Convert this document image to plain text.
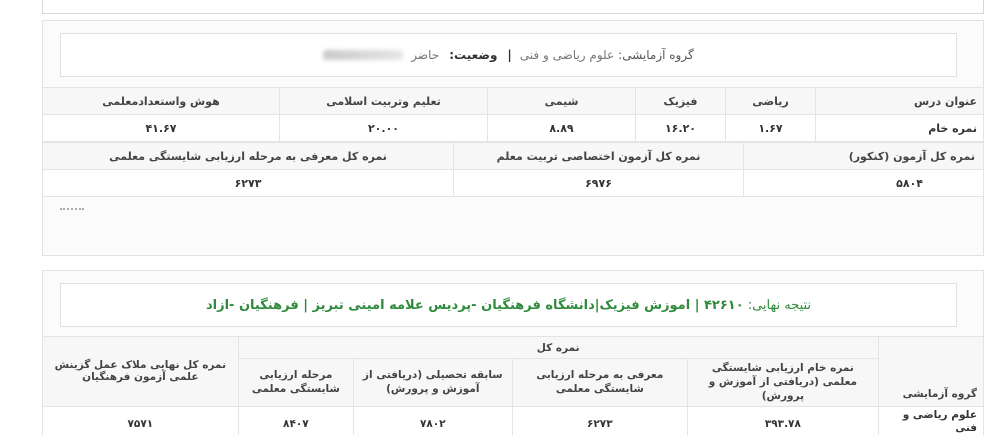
گروه آزمایشی:
علوم ریاضی و فنی
|
وضعیت:
حاضر
عنوان درس	ریاضی	فیزیک	شیمی	تعلیم وتربیت اسلامی	هوش واستعدادمعلمی
نمره خام	۱.۶۷	۱۶.۲۰	۸.۸۹	۲۰.۰۰	۴۱.۶۷
نمره کل آزمون (کنکور)	نمره کل آزمون اختصاصی تربیت معلم	نمره کل معرفی به مرحله ارزیابی شایستگی معلمی
۵۸۰۴	۶۹۷۶	۶۲۷۳
نتیجه نهایی:
۴۲۶۱۰ | اموزش فیزیک|دانشگاه فرهنگیان -پردیس علامه امینی تبریز | فرهنگیان -ازاد
گروه آزمایشی	نمره کل				نمره کل نهایی ملاک عمل گزینش علمی آزمون فرهنگیان
	نمره خام ارزیابی شایستگی معلمی (دریافتی از آموزش و پرورش)	معرفی به مرحله ارزیابی شایستگی معلمی	سابقه تحصیلی (دریافتی از آموزش و پرورش)	مرحله ارزیابی شایستگی معلمی	
علوم ریاضی و فنی	۳۹۳.۷۸	۶۲۷۳	۷۸۰۲	۸۴۰۷	۷۵۷۱
